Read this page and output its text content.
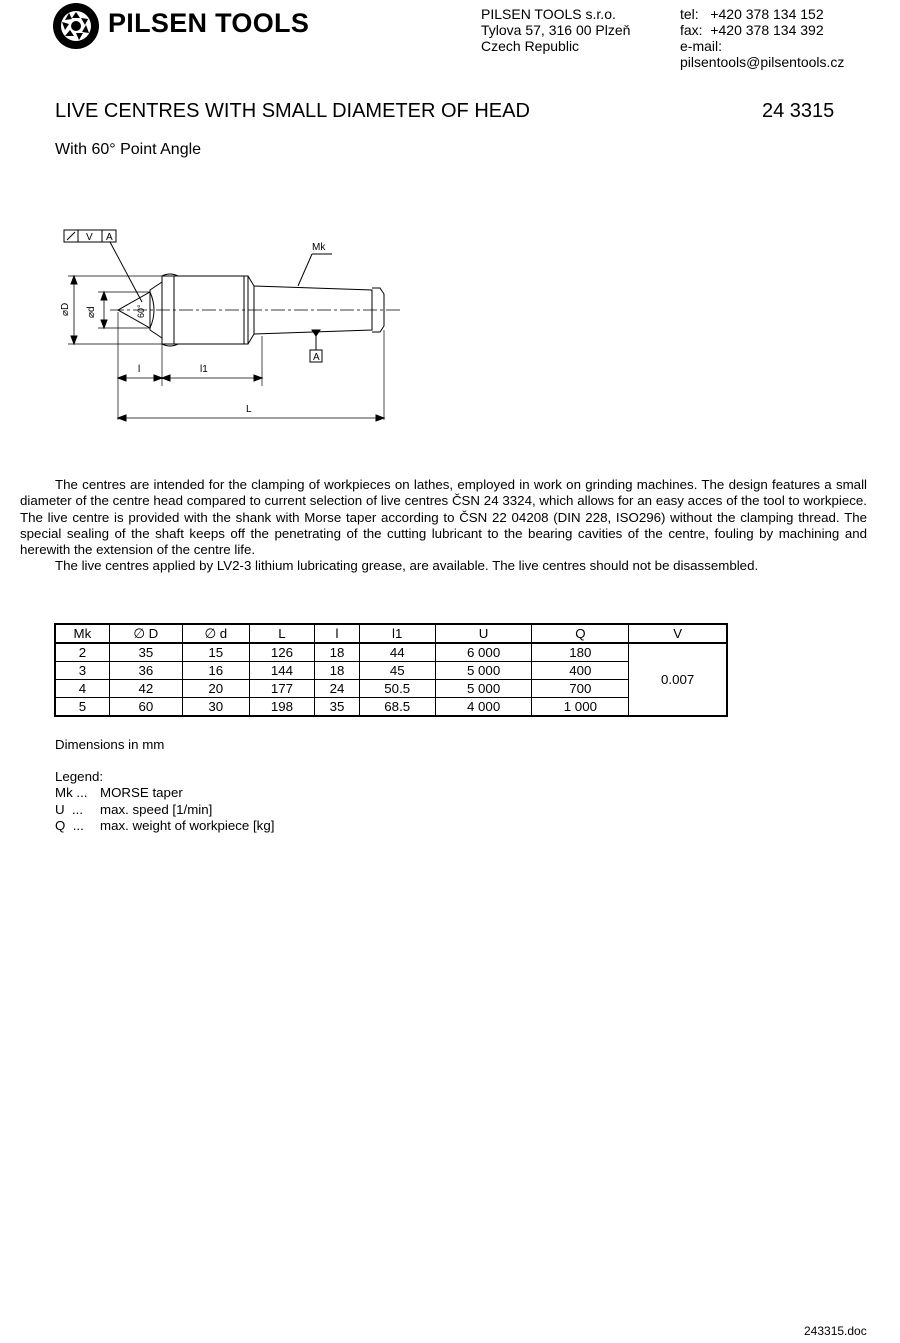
PILSEN TOOLS	PILSEN TOOLS s.r.o.
Tylova 57, 316 00 Plzeň
Czech Republic
tel:   +420 378 134 152
fax:  +420 378 134 392
e-mail:
pilsentools@pilsentools.cz
LIVE CENTRES WITH SMALL DIAMETER OF HEAD	24 3315
With 60° Point Angle
V A
60°
Mk
A
⌀D ⌀d
l	l1
L

The centres are intended for the clamping of workpieces on lathes, employed in work on grinding machines. The design features a small diameter of the centre head compared to current selection of live centres ČSN 24 3324, which allows for an easy acces of the tool to workpiece. The live centre is provided with the shank with Morse taper according to ČSN 22 04208 (DIN 228, ISO296) without the clamping thread. The special sealing of the shaft keeps off the penetrating of the cutting lubricant to the bearing cavities of the centre, fouling by machining and herewith the extension of the centre life.

The live centres applied by LV2-3 lithium lubricating grease, are available. The live centres should not be disassembled.

Mk	∅ D	∅ d	L	l	l1	U	Q	V
2	35	15	126	18	44	6 000	180	0.007
3	36	16	144	18	45	5 000	400	
4	42	20	177	24	50.5	5 000	700	
5	60	30	198	35	68.5	4 000	1 000	
Dimensions in mm
Legend:
Mk ... MORSE taper
U  ... max. speed [1/min]
Q  ... max. weight of workpiece [kg]
243315.doc
